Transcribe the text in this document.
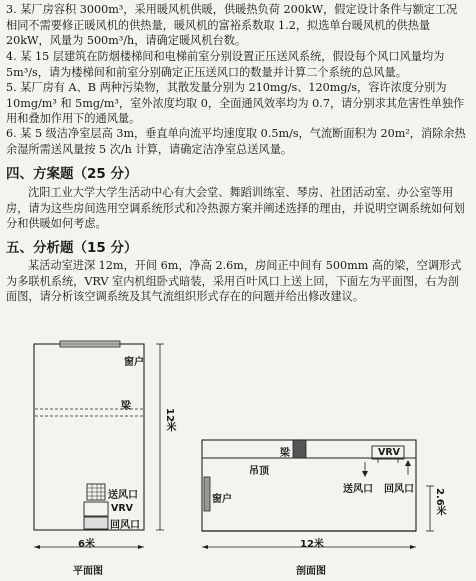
3. 某厂房容积 3000m³，采用暖风机供暖，供暖热负荷 200kW，假定设计条件与额定工况相同不需要修正暖风机的供热量，暖风机的富裕系数取 1.2，拟选单台暖风机的供热量 20kW，风量为 500m³/h，请确定暖风机台数。

4. 某 15 层建筑在防烟楼梯间和电梯前室分别设置正压送风系统，假设每个风口风量均为 5m³/s，请为楼梯间和前室分别确定正压送风口的数量并计算二个系统的总风量。

5. 某厂房有 A、B 两种污染物，其散发量分别为 210mg/s、120mg/s，容许浓度分别为 10mg/m³ 和 5mg/m³，室外浓度均取 0，全面通风效率均为 0.7，请分别求其危害性单独作用和叠加作用下的通风量。

6. 某 5 级洁净室层高 3m，垂直单向流平均速度取 0.5m/s，气流断面积为 20m²，消除余热余湿所需送风量按 5 次/h 计算，请确定洁净室总送风量。

四、方案题（25 分）

沈阳工业大学大学生活动中心有大会堂、舞蹈训练室、琴房、社团活动室、办公室等用房，请为这些房间选用空调系统形式和冷热源方案并阐述选择的理由，并说明空调系统如何划分和供暖如何考虑。

五、分析题（15 分）

某活动室进深 12m，开间 6m，净高 2.6m，房间正中间有 500mm 高的梁，空调形式为多联机系统，VRV 室内机组卧式暗装，采用百叶风口上送上回，下面左为平面图，右为剖面图，请分析该空调系统及其气流组织形式存在的问题并给出修改建议。

窗户
梁
12米
送风口
VRV
回风口
6米
平面图
吊顶
梁	VRV
送风口 回风口
窗户	2.6米
12米
剖面图
